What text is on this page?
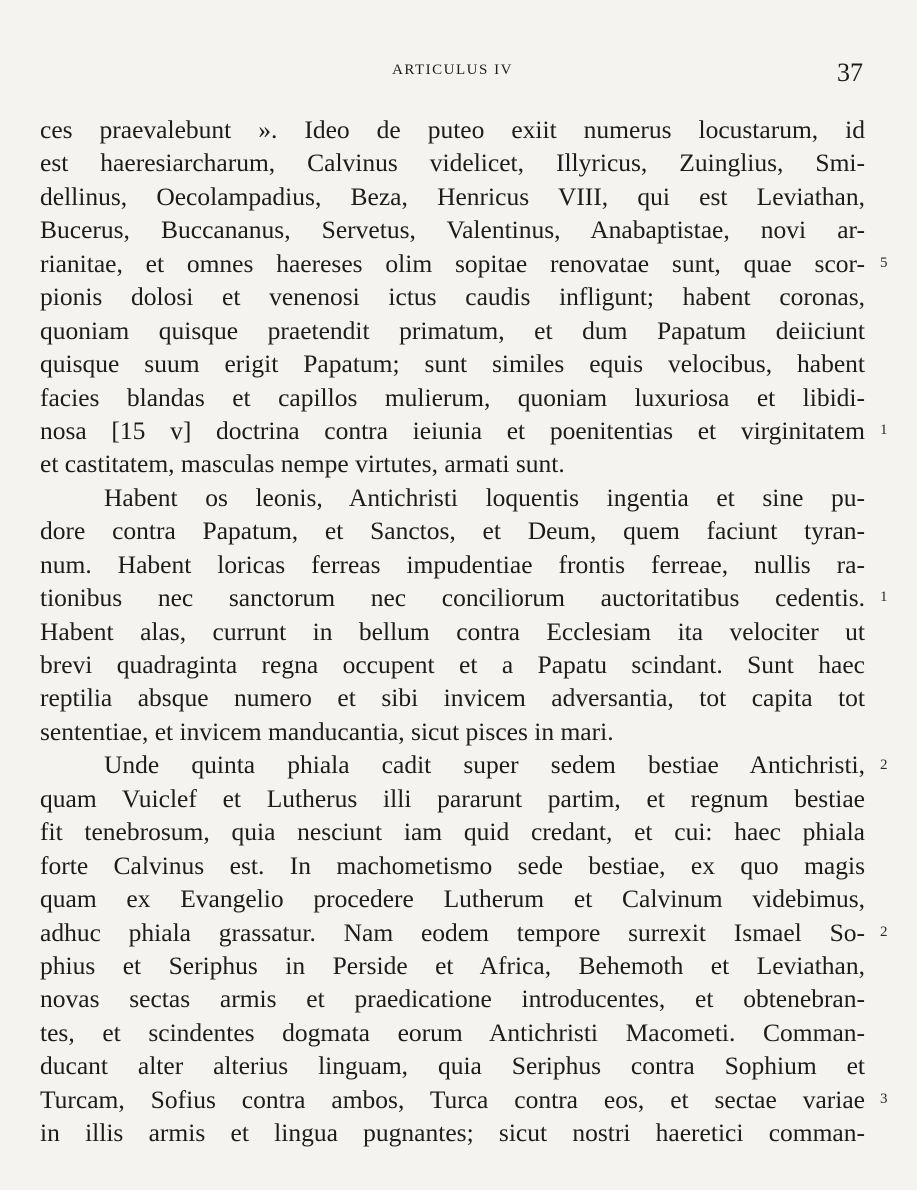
ARTICULUS IV	37
ces praevalebunt ». Ideo de puteo exiit numerus locustarum, id
est haeresiarcharum, Calvinus videlicet, Illyricus, Zuinglius, Smi-
dellinus, Oecolampadius, Beza, Henricus VIII, qui est Leviathan,
Bucerus, Buccananus, Servetus, Valentinus, Anabaptistae, novi ar-
rianitae, et omnes haereses olim sopitae renovatae sunt, quae scor-
pionis dolosi et venenosi ictus caudis infligunt; habent coronas,
quoniam quisque praetendit primatum, et dum Papatum deiiciunt
quisque suum erigit Papatum; sunt similes equis velocibus, habent
facies blandas et capillos mulierum, quoniam luxuriosa et libidi-
nosa [15 v] doctrina contra ieiunia et poenitentias et virginitatem
et castitatem, masculas nempe virtutes, armati sunt.
Habent os leonis, Antichristi loquentis ingentia et sine pu-
dore contra Papatum, et Sanctos, et Deum, quem faciunt tyran-
num. Habent loricas ferreas impudentiae frontis ferreae, nullis ra-
tionibus nec sanctorum nec conciliorum auctoritatibus cedentis.
Habent alas, currunt in bellum contra Ecclesiam ita velociter ut
brevi quadraginta regna occupent et a Papatu scindant. Sunt haec
reptilia absque numero et sibi invicem adversantia, tot capita tot
sententiae, et invicem manducantia, sicut pisces in mari.
Unde quinta phiala cadit super sedem bestiae Antichristi,
quam Vuiclef et Lutherus illi pararunt partim, et regnum bestiae
fit tenebrosum, quia nesciunt iam quid credant, et cui: haec phiala
forte Calvinus est. In machometismo sede bestiae, ex quo magis
quam ex Evangelio procedere Lutherum et Calvinum videbimus,
adhuc phiala grassatur. Nam eodem tempore surrexit Ismael So-
phius et Seriphus in Perside et Africa, Behemoth et Leviathan,
novas sectas armis et praedicatione introducentes, et obtenebran-
tes, et scindentes dogmata eorum Antichristi Macometi. Comman-
ducant alter alterius linguam, quia Seriphus contra Sophium et
Turcam, Sofius contra ambos, Turca contra eos, et sectae variae
in illis armis et lingua pugnantes; sicut nostri haeretici comman-
5
1
1
2
2
3
